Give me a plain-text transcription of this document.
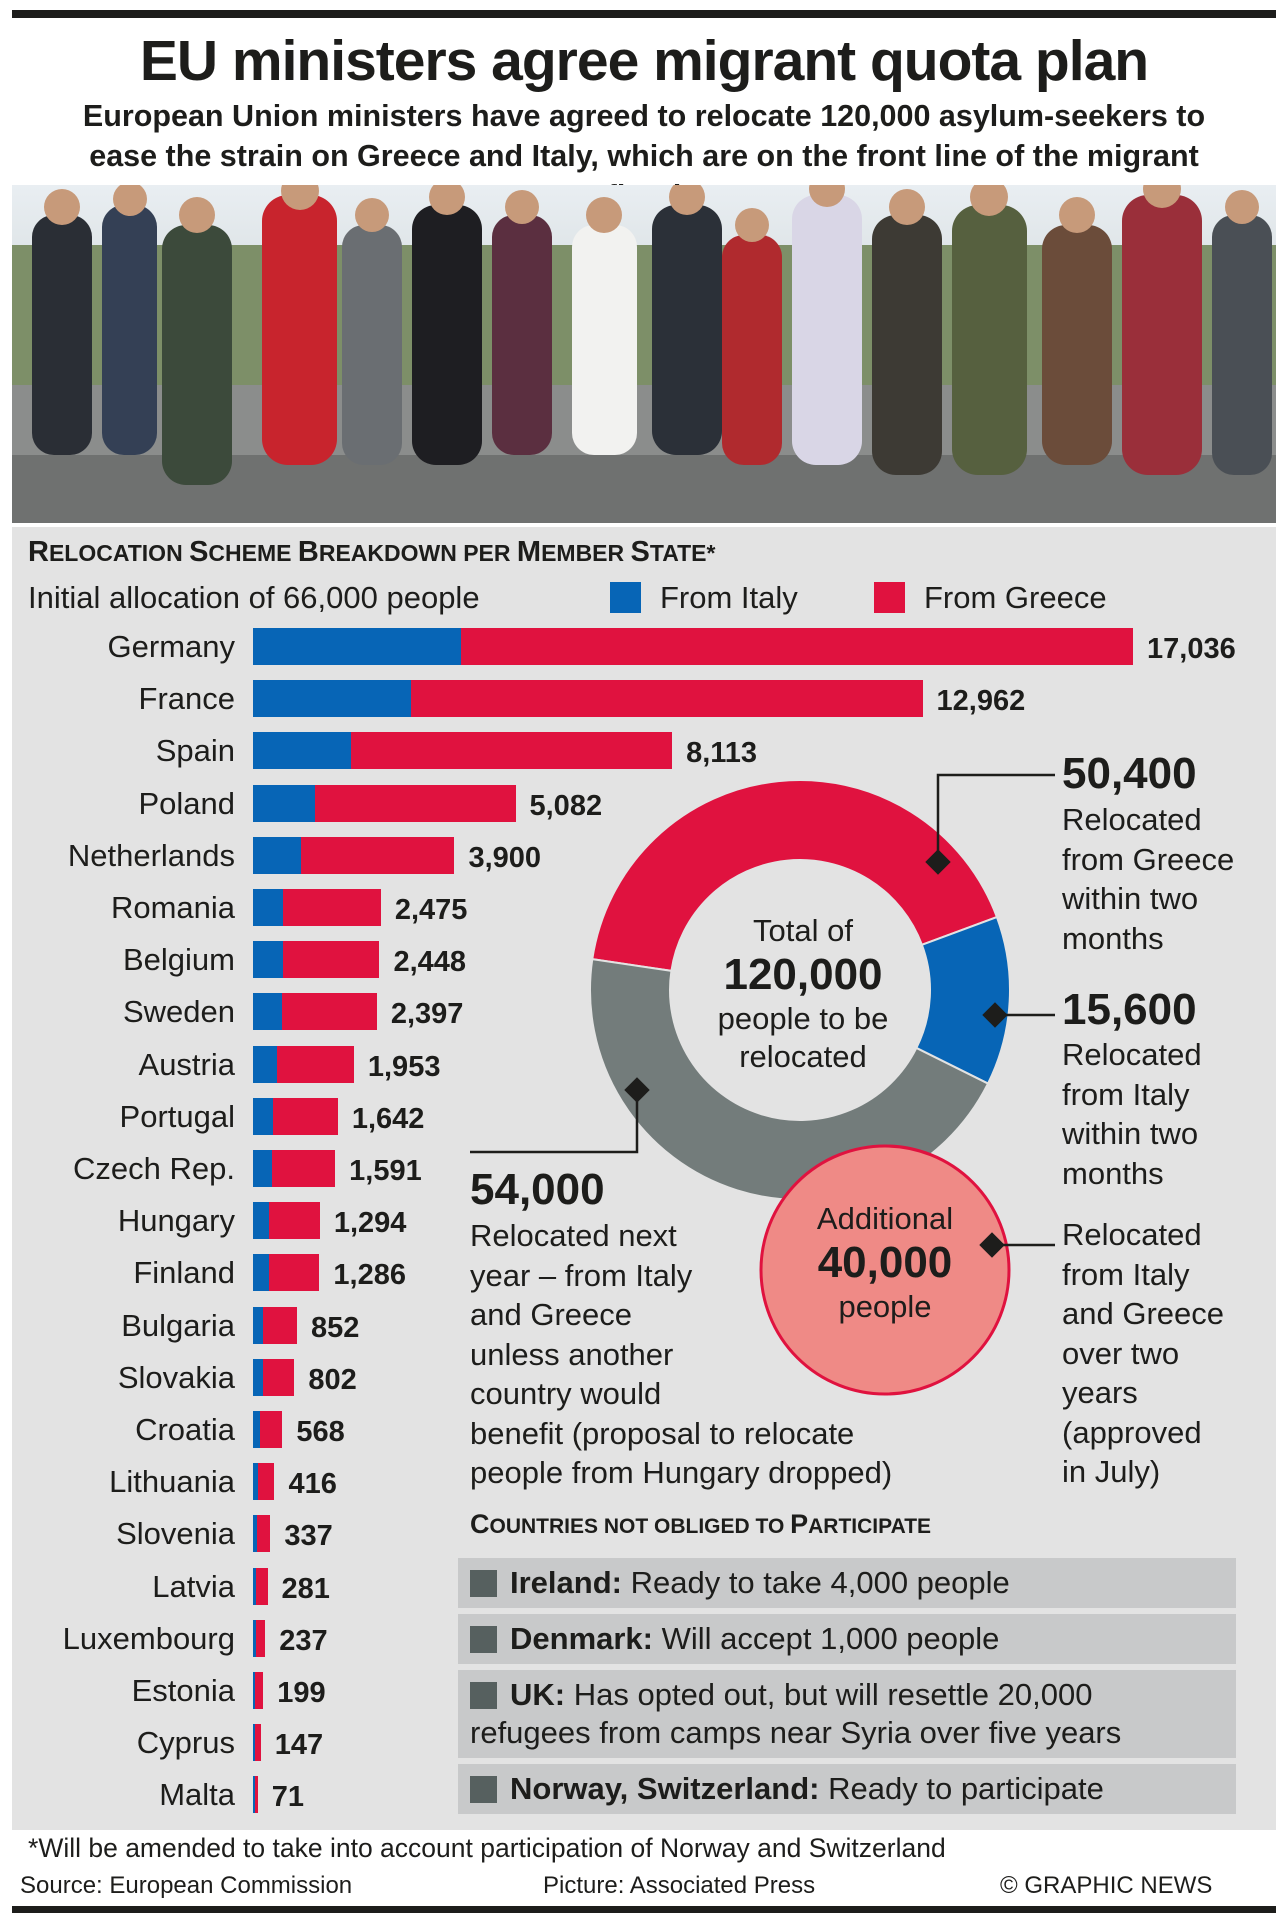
EU ministers agree migrant quota plan
European Union ministers have agreed to relocate 120,000 asylum-seekers to ease the strain on Greece and Italy, which are on the front line of the migrant
RELOCATION SCHEME BREAKDOWN PER MEMBER STATE*
Initial allocation of 66,000 people	From Italy	From Greece
Germany	17,036
France	12,962
Spain	8,113
Poland	5,082
Netherlands	3,900
Romania	2,475
Belgium	2,448
Sweden	2,397
Austria	1,953
Portugal	1,642
Czech Rep.	1,591
Hungary	1,294
Finland	1,286
Bulgaria	852
Slovakia	802
Croatia 568
Lithuania 416
Slovenia 337
Latvia 281
Luxembourg 237
Estonia 199
Cyprus 147
Malta 71
Total of
120,000
people to be
relocated
Additional
40,000
people
50,400
Relocated
from Greece
within two
months
15,600
Relocated
from Italy
within two
months
Relocated
from Italy
and Greece
over two
years
(approved
in July)
54,000
Relocated next
year – from Italy
and Greece
unless another
country would
benefit (proposal to relocate
people from Hungary dropped)
COUNTRIES NOT OBLIGED TO PARTICIPATE
Ireland: Ready to take 4,000 people
Denmark: Will accept 1,000 people
UK: Has opted out, but will resettle 20,000
refugees from camps near Syria over five years
Norway, Switzerland: Ready to participate
*Will be amended to take into account participation of Norway and Switzerland
Source: European Commission	Picture: Associated Press	© GRAPHIC NEWS
